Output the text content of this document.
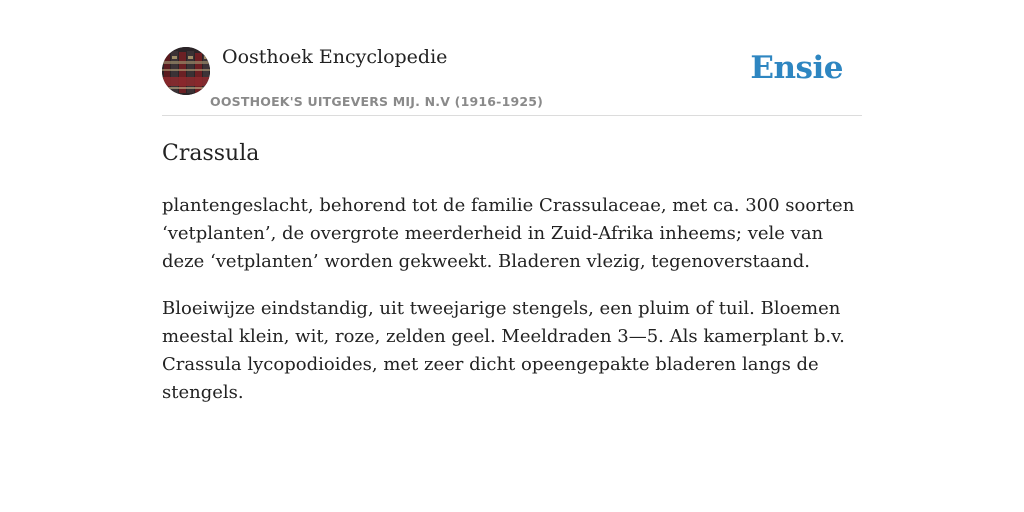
Oosthoek Encyclopedie
OOSTHOEK'S UITGEVERS MIJ. N.V (1916-1925)
Ensie
Crassula

plantengeslacht, behorend tot de familie Crassulaceae, met ca. 300 soorten ‘vetplanten’, de overgrote meerderheid in Zuid-Afrika inheems; vele van deze ‘vetplanten’ worden gekweekt. Bladeren vlezig, tegenoverstaand.

Bloeiwijze eindstandig, uit tweejarige stengels, een pluim of tuil. Bloemen meestal klein, wit, roze, zelden geel. Meeldraden 3—5. Als kamerplant b.v. Crassula lycopodioides, met zeer dicht opeengepakte bladeren langs de stengels.
